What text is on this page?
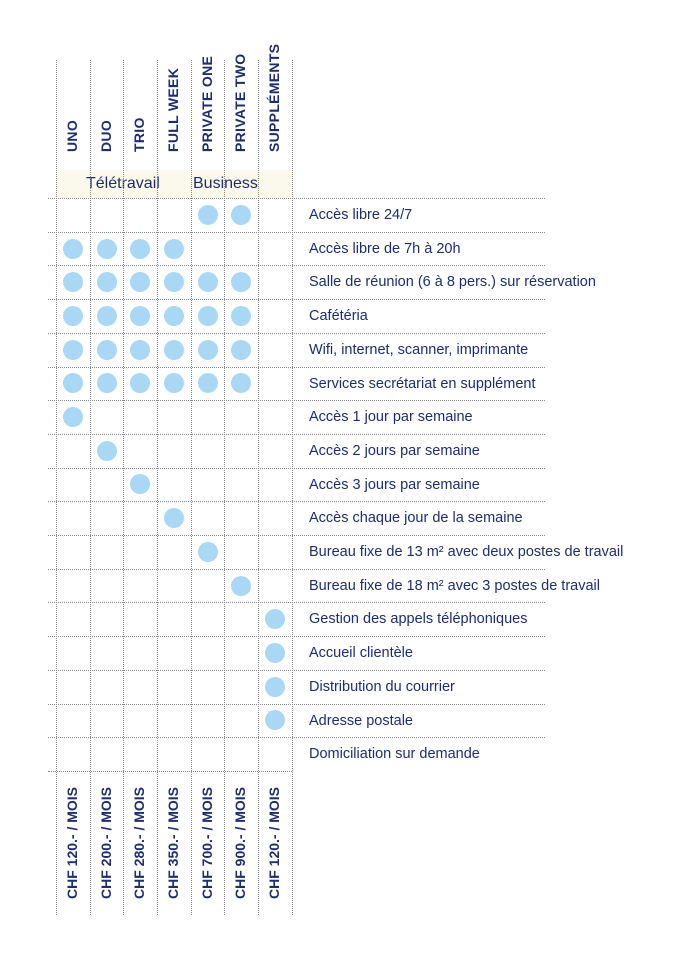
UNO DUO TRIO FULL WEEK PRIVATE ONE PRIVATE TWO SUPPLÉMENTS
Télétravail Business
Accès libre 24/7
Accès libre de 7h à 20h
Salle de réunion (6 à 8 pers.) sur réservation
Cafétéria
Wifi, internet, scanner, imprimante
Services secrétariat en supplément
Accès 1 jour par semaine
Accès 2 jours par semaine
Accès 3 jours par semaine
Accès chaque jour de la semaine
Bureau fixe de 13 m² avec deux postes de travail
Bureau fixe de 18 m² avec 3 postes de travail
Gestion des appels téléphoniques
Accueil clientèle
Distribution du courrier
Adresse postale
Domiciliation sur demande
CHF 120.- / MOIS CHF 200.- / MOIS CHF 280.- / MOIS CHF 350.- / MOIS CHF 700.- / MOIS CHF 900.- / MOIS CHF 120.- / MOIS
